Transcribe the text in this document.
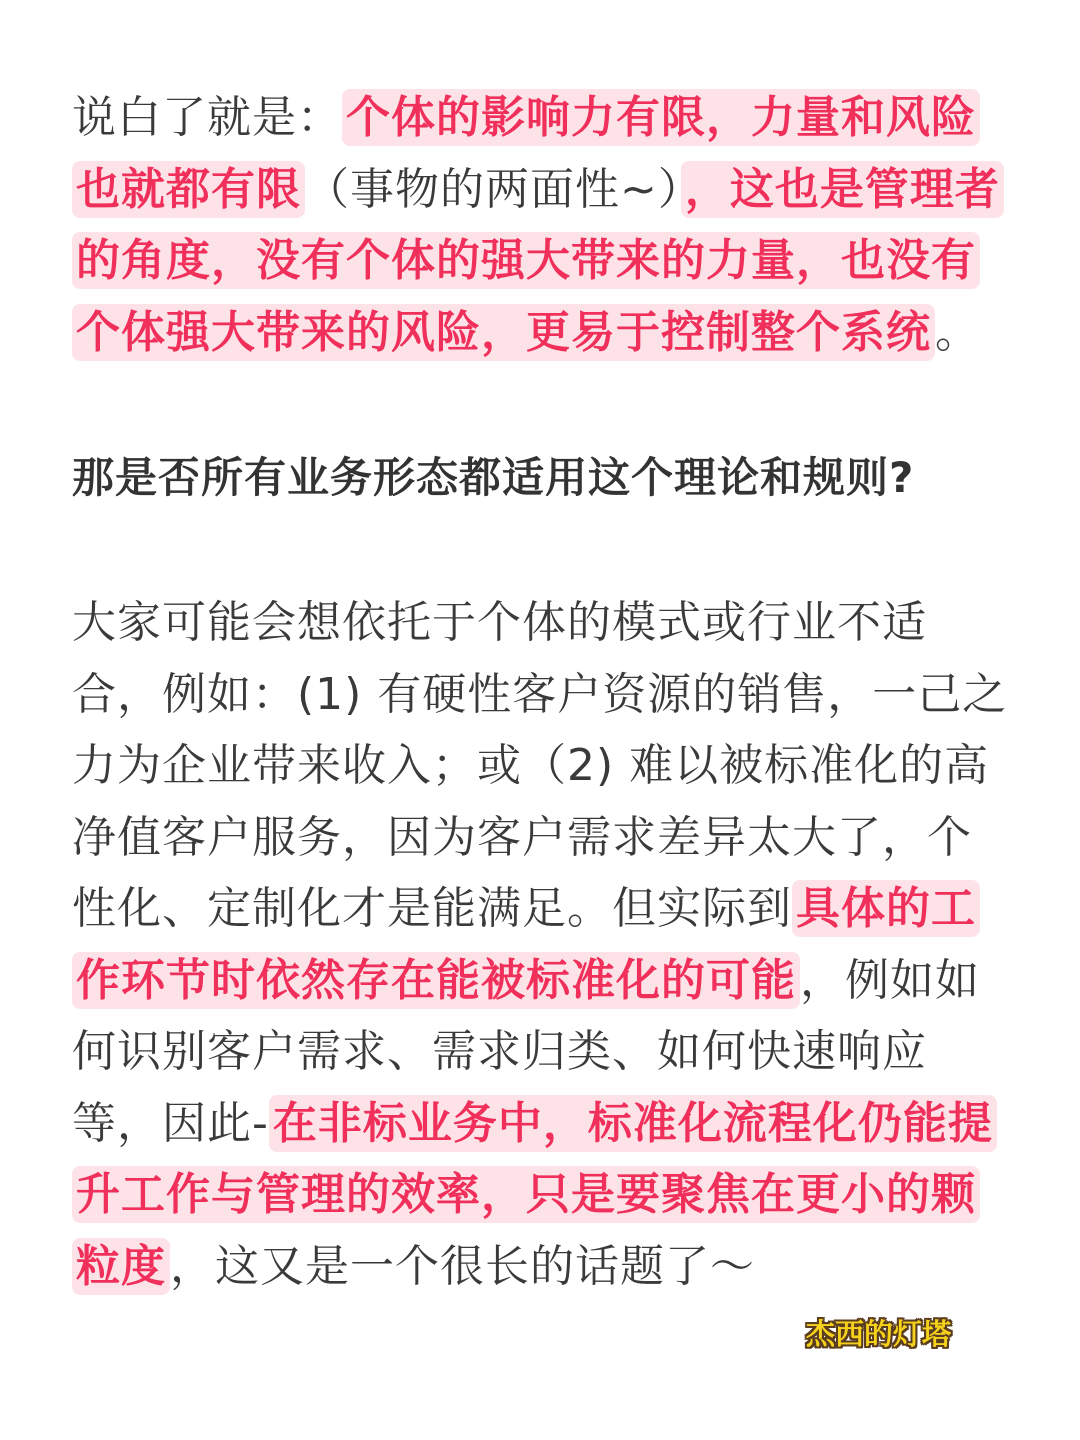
说白了就是：个体的影响力有限，力量和风险也就都有限（事物的两面性~），这也是管理者的角度，没有个体的强大带来的力量，也没有个体强大带来的风险，更易于控制整个系统。

那是否所有业务形态都适用这个理论和规则?

大家可能会想依托于个体的模式或行业不适合，例如：(1) 有硬性客户资源的销售，一己之力为企业带来收入；或（2) 难以被标准化的高净值客户服务，因为客户需求差异太大了，个性化、定制化才是能满足。但实际到具体的工作环节时依然存在能被标准化的可能，例如如何识别客户需求、需求归类、如何快速响应等，因此-在非标业务中，标准化流程化仍能提升工作与管理的效率，只是要聚焦在更小的颗粒度，这又是一个很长的话题了～

杰西的灯塔
